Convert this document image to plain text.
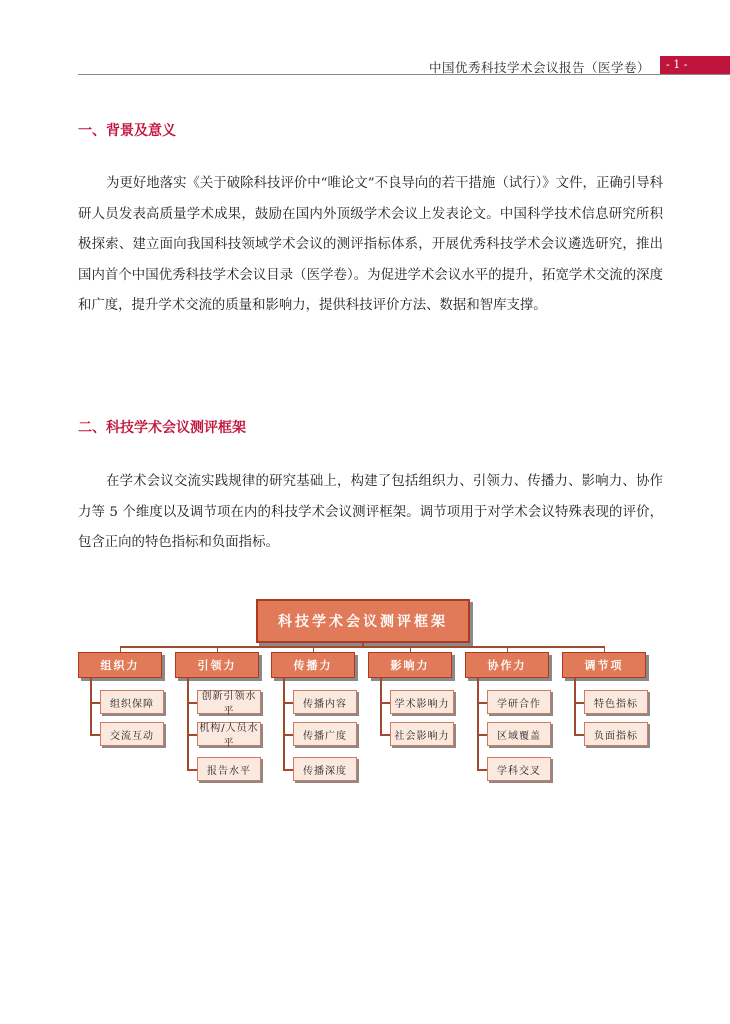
中国优秀科技学术会议报告（医学卷）	- 1 -
一、背景及意义

为更好地落实《关于破除科技评价中“唯论文”不良导向的若干措施（试行）》文件，正确引导科研人员发表高质量学术成果，鼓励在国内外顶级学术会议上发表论文。中国科学技术信息研究所积极探索、建立面向我国科技领域学术会议的测评指标体系，开展优秀科技学术会议遴选研究，推出国内首个中国优秀科技学术会议目录（医学卷）。为促进学术会议水平的提升，拓宽学术交流的深度和广度，提升学术交流的质量和影响力，提供科技评价方法、数据和智库支撑。

二、科技学术会议测评框架

在学术会议交流实践规律的研究基础上，构建了包括组织力、引领力、传播力、影响力、协作力等 5 个维度以及调节项在内的科技学术会议测评框架。调节项用于对学术会议特殊表现的评价，包含正向的特色指标和负面指标。

科技学术会议测评框架
组织力
组织保障
交流互动
引领力
创新引领水平
机构/人员水平
报告水平
传播力
传播内容
传播广度
传播深度
影响力
学术影响力
社会影响力
协作力
学研合作
区域覆盖
学科交叉
调节项
特色指标
负面指标
